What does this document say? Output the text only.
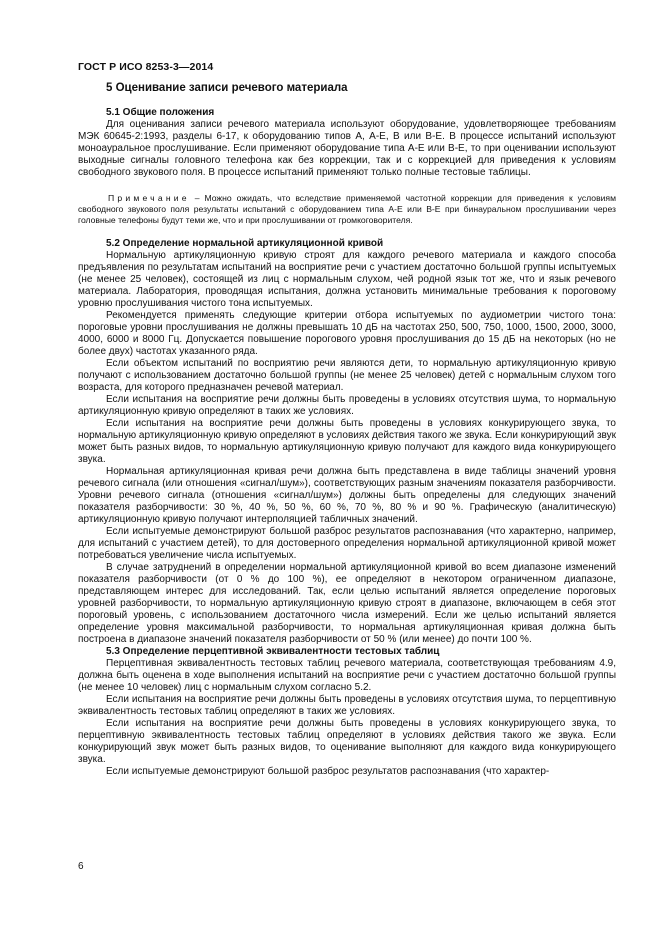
ГОСТ Р ИСО 8253-3—2014
5 Оценивание записи речевого материала
5.1 Общие положения

Для оценивания записи речевого материала используют оборудование, удовлетворяющее требованиям МЭК 60645-2:1993, разделы 6-17, к оборудованию типов А, А-Е, В или В-Е. В процессе испытаний используют моноауральное прослушивание. Если применяют оборудование типа А-Е или В-Е, то при оценивании используют выходные сигналы головного телефона как без коррекции, так и с коррекцией для приведения к условиям свободного звукового поля. В процессе испытаний применяют только полные тестовые таблицы.

Примечание – Можно ожидать, что вследствие применяемой частотной коррекции для приведения к условиям свободного звукового поля результаты испытаний с оборудованием типа А-Е или В-Е при бинауральном прослушивании через головные телефоны будут теми же, что и при прослушивании от громкоговорителя.
5.2 Определение нормальной артикуляционной кривой

Нормальную артикуляционную кривую строят для каждого речевого материала и каждого способа предъявления по результатам испытаний на восприятие речи с участием достаточно большой группы испытуемых (не менее 25 человек), состоящей из лиц с нормальным слухом, чей родной язык тот же, что и язык речевого материала. Лаборатория, проводящая испытания, должна установить минимальные требования к пороговому уровню прослушивания чистого тона испытуемых.

Рекомендуется применять следующие критерии отбора испытуемых по аудиометрии чистого тона: пороговые уровни прослушивания не должны превышать 10 дБ на частотах 250, 500, 750, 1000, 1500, 2000, 3000, 4000, 6000 и 8000 Гц. Допускается повышение порогового уровня прослушивания до 15 дБ на некоторых (но не более двух) частотах указанного ряда.

Если объектом испытаний по восприятию речи являются дети, то нормальную артикуляционную кривую получают с использованием достаточно большой группы (не менее 25 человек) детей с нормальным слухом того возраста, для которого предназначен речевой материал.

Если испытания на восприятие речи должны быть проведены в условиях отсутствия шума, то нормальную артикуляционную кривую определяют в таких же условиях.

Если испытания на восприятие речи должны быть проведены в условиях конкурирующего звука, то нормальную артикуляционную кривую определяют в условиях действия такого же звука. Если конкурирующий звук может быть разных видов, то нормальную артикуляционную кривую получают для каждого вида конкурирующего звука.

Нормальная артикуляционная кривая речи должна быть представлена в виде таблицы значений уровня речевого сигнала (или отношения «сигнал/шум»), соответствующих разным значениям показателя разборчивости. Уровни речевого сигнала (отношения «сигнал/шум») должны быть определены для следующих значений показателя разборчивости: 30 %, 40 %, 50 %, 60 %, 70 %, 80 % и 90 %. Графическую (аналитическую) артикуляционную кривую получают интерполяцией табличных значений.

Если испытуемые демонстрируют большой разброс результатов распознавания (что характерно, например, для испытаний с участием детей), то для достоверного определения нормальной артикуляционной кривой может потребоваться увеличение числа испытуемых.

В случае затруднений в определении нормальной артикуляционной кривой во всем диапазоне изменений показателя разборчивости (от 0 % до 100 %), ее определяют в некотором ограниченном диапазоне, представляющем интерес для исследований. Так, если целью испытаний является определение пороговых уровней разборчивости, то нормальную артикуляционную кривую строят в диапазоне, включающем в себя этот пороговый уровень, с использованием достаточного числа измерений. Если же целью испытаний является определение уровня максимальной разборчивости, то нормальная артикуляционная кривая должна быть построена в диапазоне значений показателя разборчивости от 50 % (или менее) до почти 100 %.

5.3 Определение перцептивной эквивалентности тестовых таблиц

Перцептивная эквивалентность тестовых таблиц речевого материала, соответствующая требованиям 4.9, должна быть оценена в ходе выполнения испытаний на восприятие речи с участием достаточно большой группы (не менее 10 человек) лиц с нормальным слухом согласно 5.2.

Если испытания на восприятие речи должны быть проведены в условиях отсутствия шума, то перцептивную эквивалентность тестовых таблиц определяют в таких же условиях.

Если испытания на восприятие речи должны быть проведены в условиях конкурирующего звука, то перцептивную эквивалентность тестовых таблиц определяют в условиях действия такого же звука. Если конкурирующий звук может быть разных видов, то оценивание выполняют для каждого вида конкурирующего звука.

Если испытуемые демонстрируют большой разброс результатов распознавания (что характер-

6
